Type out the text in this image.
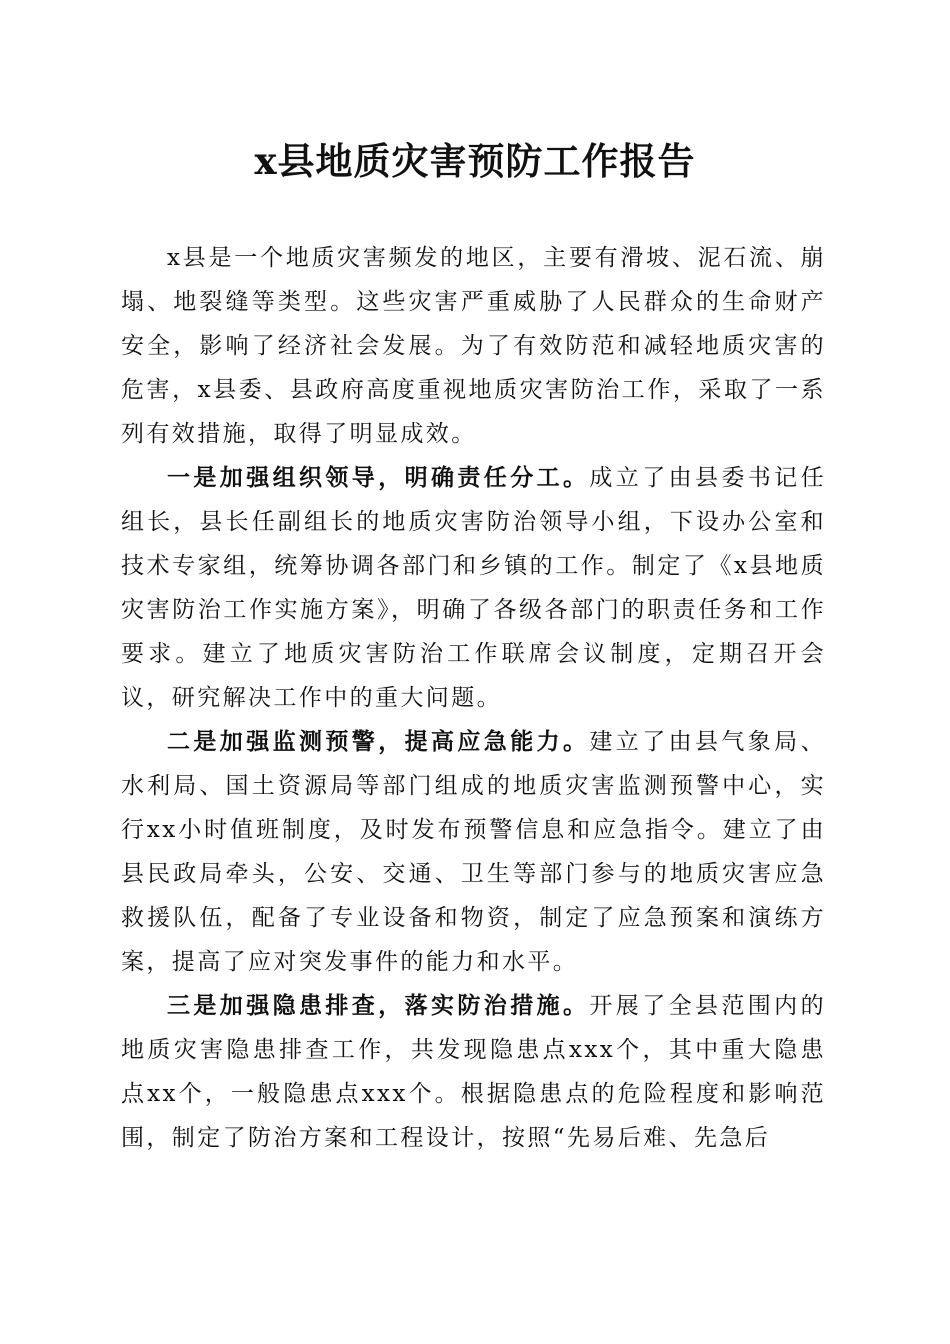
x县地质灾害预防工作报告

x县是一个地质灾害频发的地区，主要有滑坡、泥石流、崩塌、地裂缝等类型。这些灾害严重威胁了人民群众的生命财产安全，影响了经济社会发展。为了有效防范和减轻地质灾害的危害，x县委、县政府高度重视地质灾害防治工作，采取了一系列有效措施，取得了明显成效。

一是加强组织领导，明确责任分工。成立了由县委书记任组长，县长任副组长的地质灾害防治领导小组，下设办公室和技术专家组，统筹协调各部门和乡镇的工作。制定了《x县地质灾害防治工作实施方案》，明确了各级各部门的职责任务和工作要求。建立了地质灾害防治工作联席会议制度，定期召开会议，研究解决工作中的重大问题。

二是加强监测预警，提高应急能力。建立了由县气象局、水利局、国土资源局等部门组成的地质灾害监测预警中心，实行xx小时值班制度，及时发布预警信息和应急指令。建立了由县民政局牵头，公安、交通、卫生等部门参与的地质灾害应急救援队伍，配备了专业设备和物资，制定了应急预案和演练方案，提高了应对突发事件的能力和水平。

三是加强隐患排查，落实防治措施。开展了全县范围内的地质灾害隐患排查工作，共发现隐患点xxx个，其中重大隐患点xx个，一般隐患点xxx个。根据隐患点的危险程度和影响范围，制定了防治方案和工程设计，按照“先易后难、先急后
